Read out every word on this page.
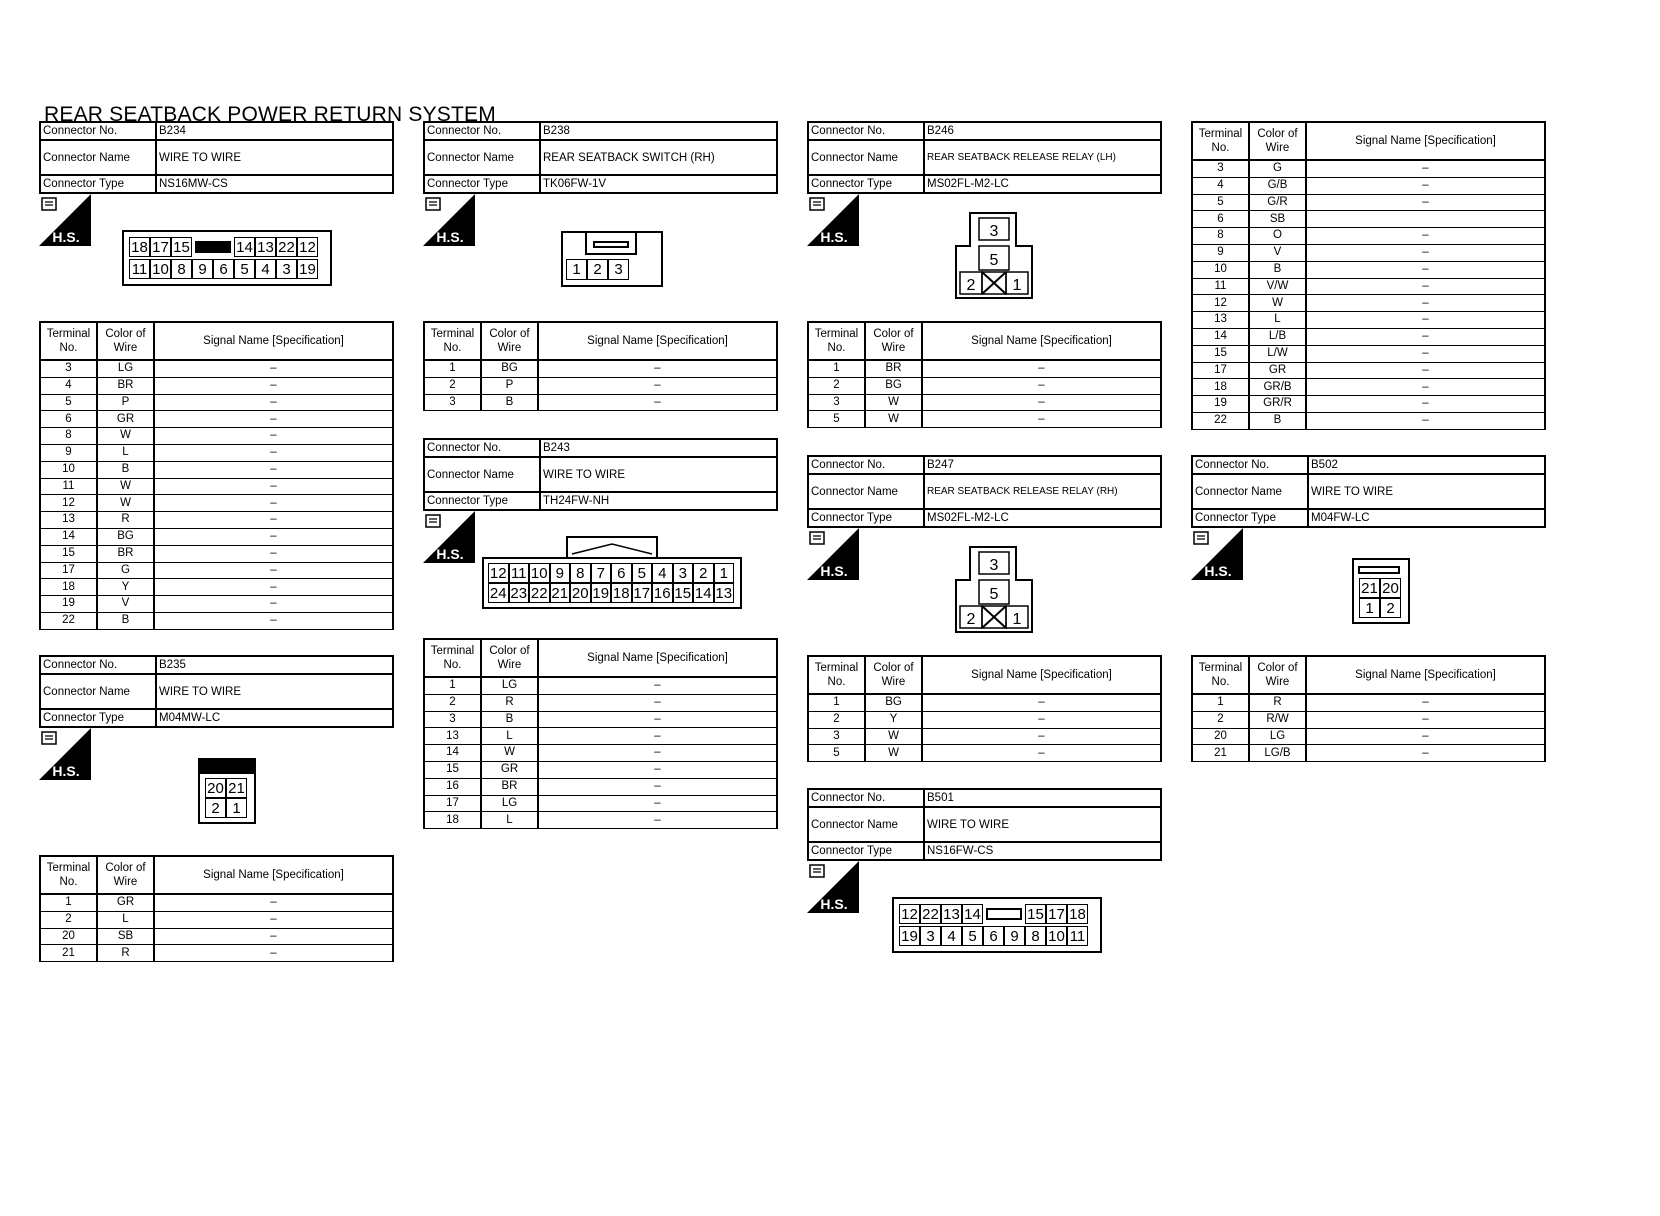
REAR SEATBACK POWER RETURN SYSTEM
Connector No.	B234
Connector Name	WIRE TO WIRE
Connector Type	NS16MW-CS
H.S.
18 17 15	14 13 22 12
11 10 8 9 6 5 4 3 19
Terminal No.	Color of Wire	Signal Name [Specification]
3	LG	–
4	BR	–
5	P	–
6	GR	–
8	W	–
9	L	–
10	B	–
11	W	–
12	W	–
13	R	–
14	BG	–
15	BR	–
17	G	–
18	Y	–
19	V	–
22	B	–
Connector No.	B235
Connector Name	WIRE TO WIRE
Connector Type	M04MW-LC
H.S.
20 21
2 1
Terminal No.	Color of Wire	Signal Name [Specification]
1	GR	–
2	L	–
20	SB	–
21	R	–
Connector No.	B238
Connector Name	REAR SEATBACK SWITCH (RH)
Connector Type	TK06FW-1V
H.S.
1 2 3
Terminal No.	Color of Wire	Signal Name [Specification]
1	BG	–
2	P	–
3	B	–
Connector No.	B243
Connector Name	WIRE TO WIRE
Connector Type	TH24FW-NH
H.S.
12 11 10 9 8 7 6 5 4 3 2 1
24 23 22 21 20 19 18 17 16 15 14 13
Terminal No.	Color of Wire	Signal Name [Specification]
1	LG	–
2	R	–
3	B	–
13	L	–
14	W	–
15	GR	–
16	BR	–
17	LG	–
18	L	–
Connector No.	B246
Connector Name	REAR SEATBACK RELEASE RELAY (LH)
Connector Type	MS02FL-M2-LC
H.S.	3
5
2 1
Terminal No.	Color of Wire	Signal Name [Specification]
1	BR	–
2	BG	–
3	W	–
5	W	–
Connector No.	B247
Connector Name	REAR SEATBACK RELEASE RELAY (RH)
Connector Type	MS02FL-M2-LC
H.S.	3
5
2 1
Terminal No.	Color of Wire	Signal Name [Specification]
1	BG	–
2	Y	–
3	W	–
5	W	–
Connector No.	B501
Connector Name	WIRE TO WIRE
Connector Type	NS16FW-CS
H.S.
12 22 13 14	15 17 18
19 3 4 5 6 9 8 10 11
Terminal No.	Color of Wire	Signal Name [Specification]
3	G	–
4	G/B	–
5	G/R	–
6	SB	
8	O	–
9	V	–
10	B	–
11	V/W	–
12	W	–
13	L	–
14	L/B	–
15	L/W	–
17	GR	–
18	GR/B	–
19	GR/R	–
22	B	–
Connector No.	B502
Connector Name	WIRE TO WIRE
Connector Type	M04FW-LC
H.S.
21 20
1 2
Terminal No.	Color of Wire	Signal Name [Specification]
1	R	–
2	R/W	–
20	LG	–
21	LG/B	–
